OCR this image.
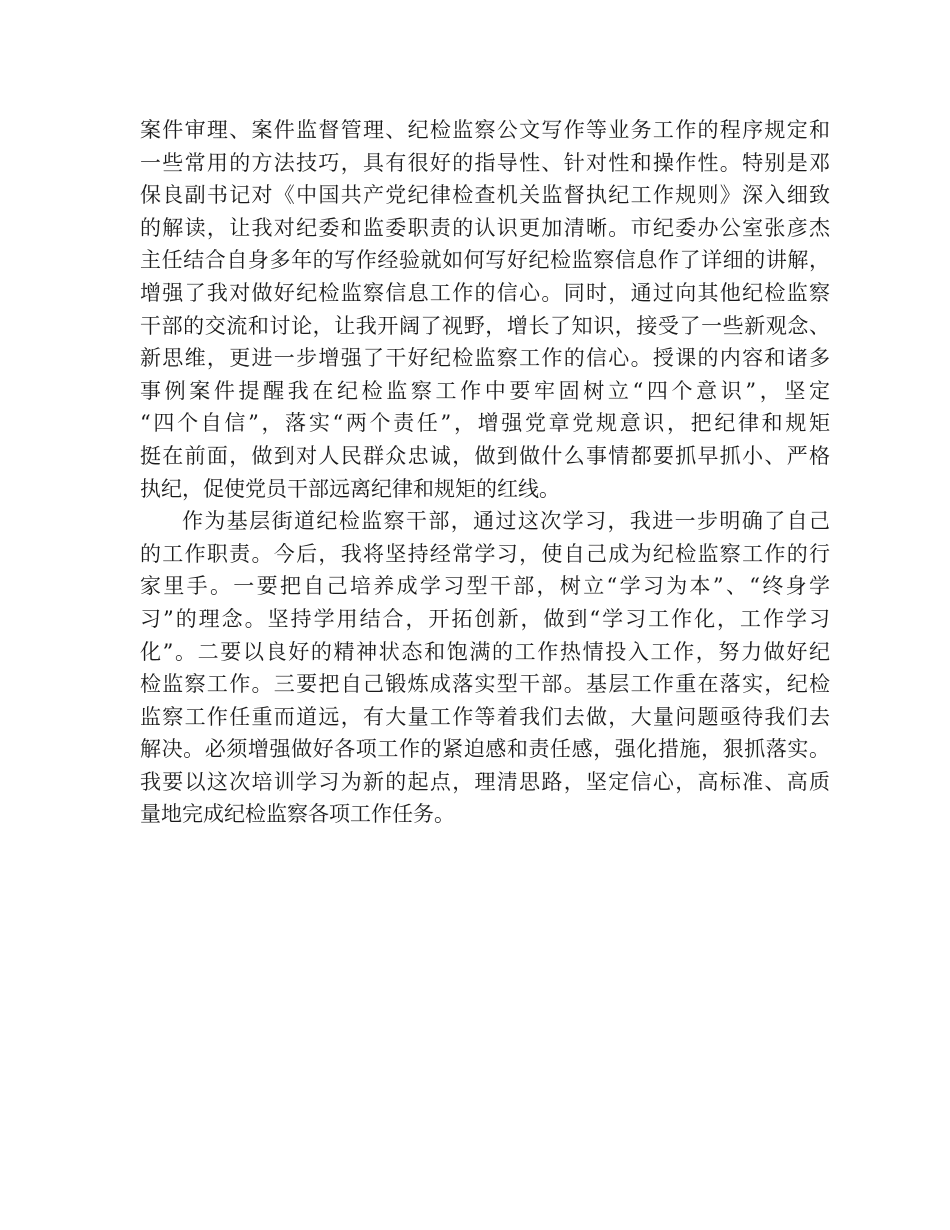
案件审理、案件监督管理、纪检监察公文写作等业务工作的程序规定和
一些常用的方法技巧，具有很好的指导性、针对性和操作性。特别是邓
保良副书记对《中国共产党纪律检查机关监督执纪工作规则》深入细致
的解读，让我对纪委和监委职责的认识更加清晰。市纪委办公室张彦杰
主任结合自身多年的写作经验就如何写好纪检监察信息作了详细的讲解，
增强了我对做好纪检监察信息工作的信心。同时，通过向其他纪检监察
干部的交流和讨论，让我开阔了视野，增长了知识，接受了一些新观念、
新思维，更进一步增强了干好纪检监察工作的信心。授课的内容和诸多
事例案件提醒我在纪检监察工作中要牢固树立“四个意识”，坚定
“四个自信”，落实“两个责任”，增强党章党规意识，把纪律和规矩
挺在前面，做到对人民群众忠诚，做到做什么事情都要抓早抓小、严格
执纪，促使党员干部远离纪律和规矩的红线。
作为基层街道纪检监察干部，通过这次学习，我进一步明确了自己
的工作职责。今后，我将坚持经常学习，使自己成为纪检监察工作的行
家里手。一要把自己培养成学习型干部，树立“学习为本”、“终身学
习”的理念。坚持学用结合，开拓创新，做到“学习工作化，工作学习
化”。二要以良好的精神状态和饱满的工作热情投入工作，努力做好纪
检监察工作。三要把自己锻炼成落实型干部。基层工作重在落实，纪检
监察工作任重而道远，有大量工作等着我们去做，大量问题亟待我们去
解决。必须增强做好各项工作的紧迫感和责任感，强化措施，狠抓落实。
我要以这次培训学习为新的起点，理清思路，坚定信心，高标准、高质
量地完成纪检监察各项工作任务。
